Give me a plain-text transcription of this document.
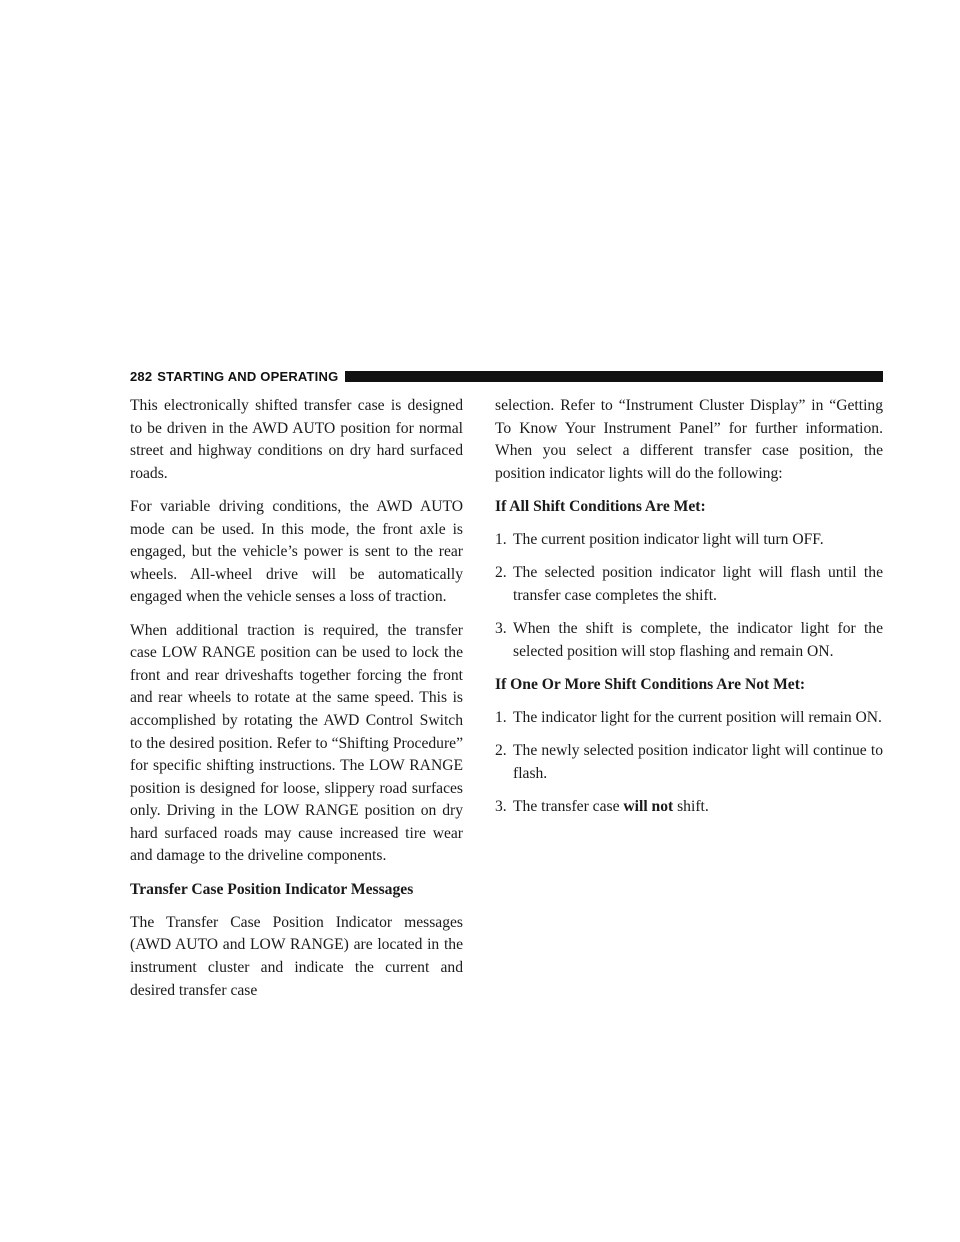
282 STARTING AND OPERATING

This electronically shifted transfer case is designed to be driven in the AWD AUTO position for normal street and highway conditions on dry hard surfaced roads.

For variable driving conditions, the AWD AUTO mode can be used. In this mode, the front axle is engaged, but the vehicle’s power is sent to the rear wheels. All-wheel drive will be automatically engaged when the vehicle senses a loss of traction.

When additional traction is required, the transfer case LOW RANGE position can be used to lock the front and rear driveshafts together forcing the front and rear wheels to rotate at the same speed. This is accomplished by rotating the AWD Control Switch to the desired position. Refer to “Shifting Procedure” for specific shifting instructions. The LOW RANGE position is designed for loose, slippery road surfaces only. Driving in the LOW RANGE position on dry hard surfaced roads may cause increased tire wear and damage to the driveline components.

Transfer Case Position Indicator Messages

The Transfer Case Position Indicator messages (AWD AUTO and LOW RANGE) are located in the instrument cluster and indicate the current and desired transfer case

selection. Refer to “Instrument Cluster Display” in “Getting To Know Your Instrument Panel” for further information. When you select a different transfer case position, the position indicator lights will do the following:

If All Shift Conditions Are Met:
1. The current position indicator light will turn OFF.
2. The selected position indicator light will flash until the transfer case completes the shift.
3. When the shift is complete, the indicator light for the selected position will stop flashing and remain ON.
If One Or More Shift Conditions Are Not Met:
1. The indicator light for the current position will remain ON.
2. The newly selected position indicator light will continue to flash.
3. The transfer case will not shift.
